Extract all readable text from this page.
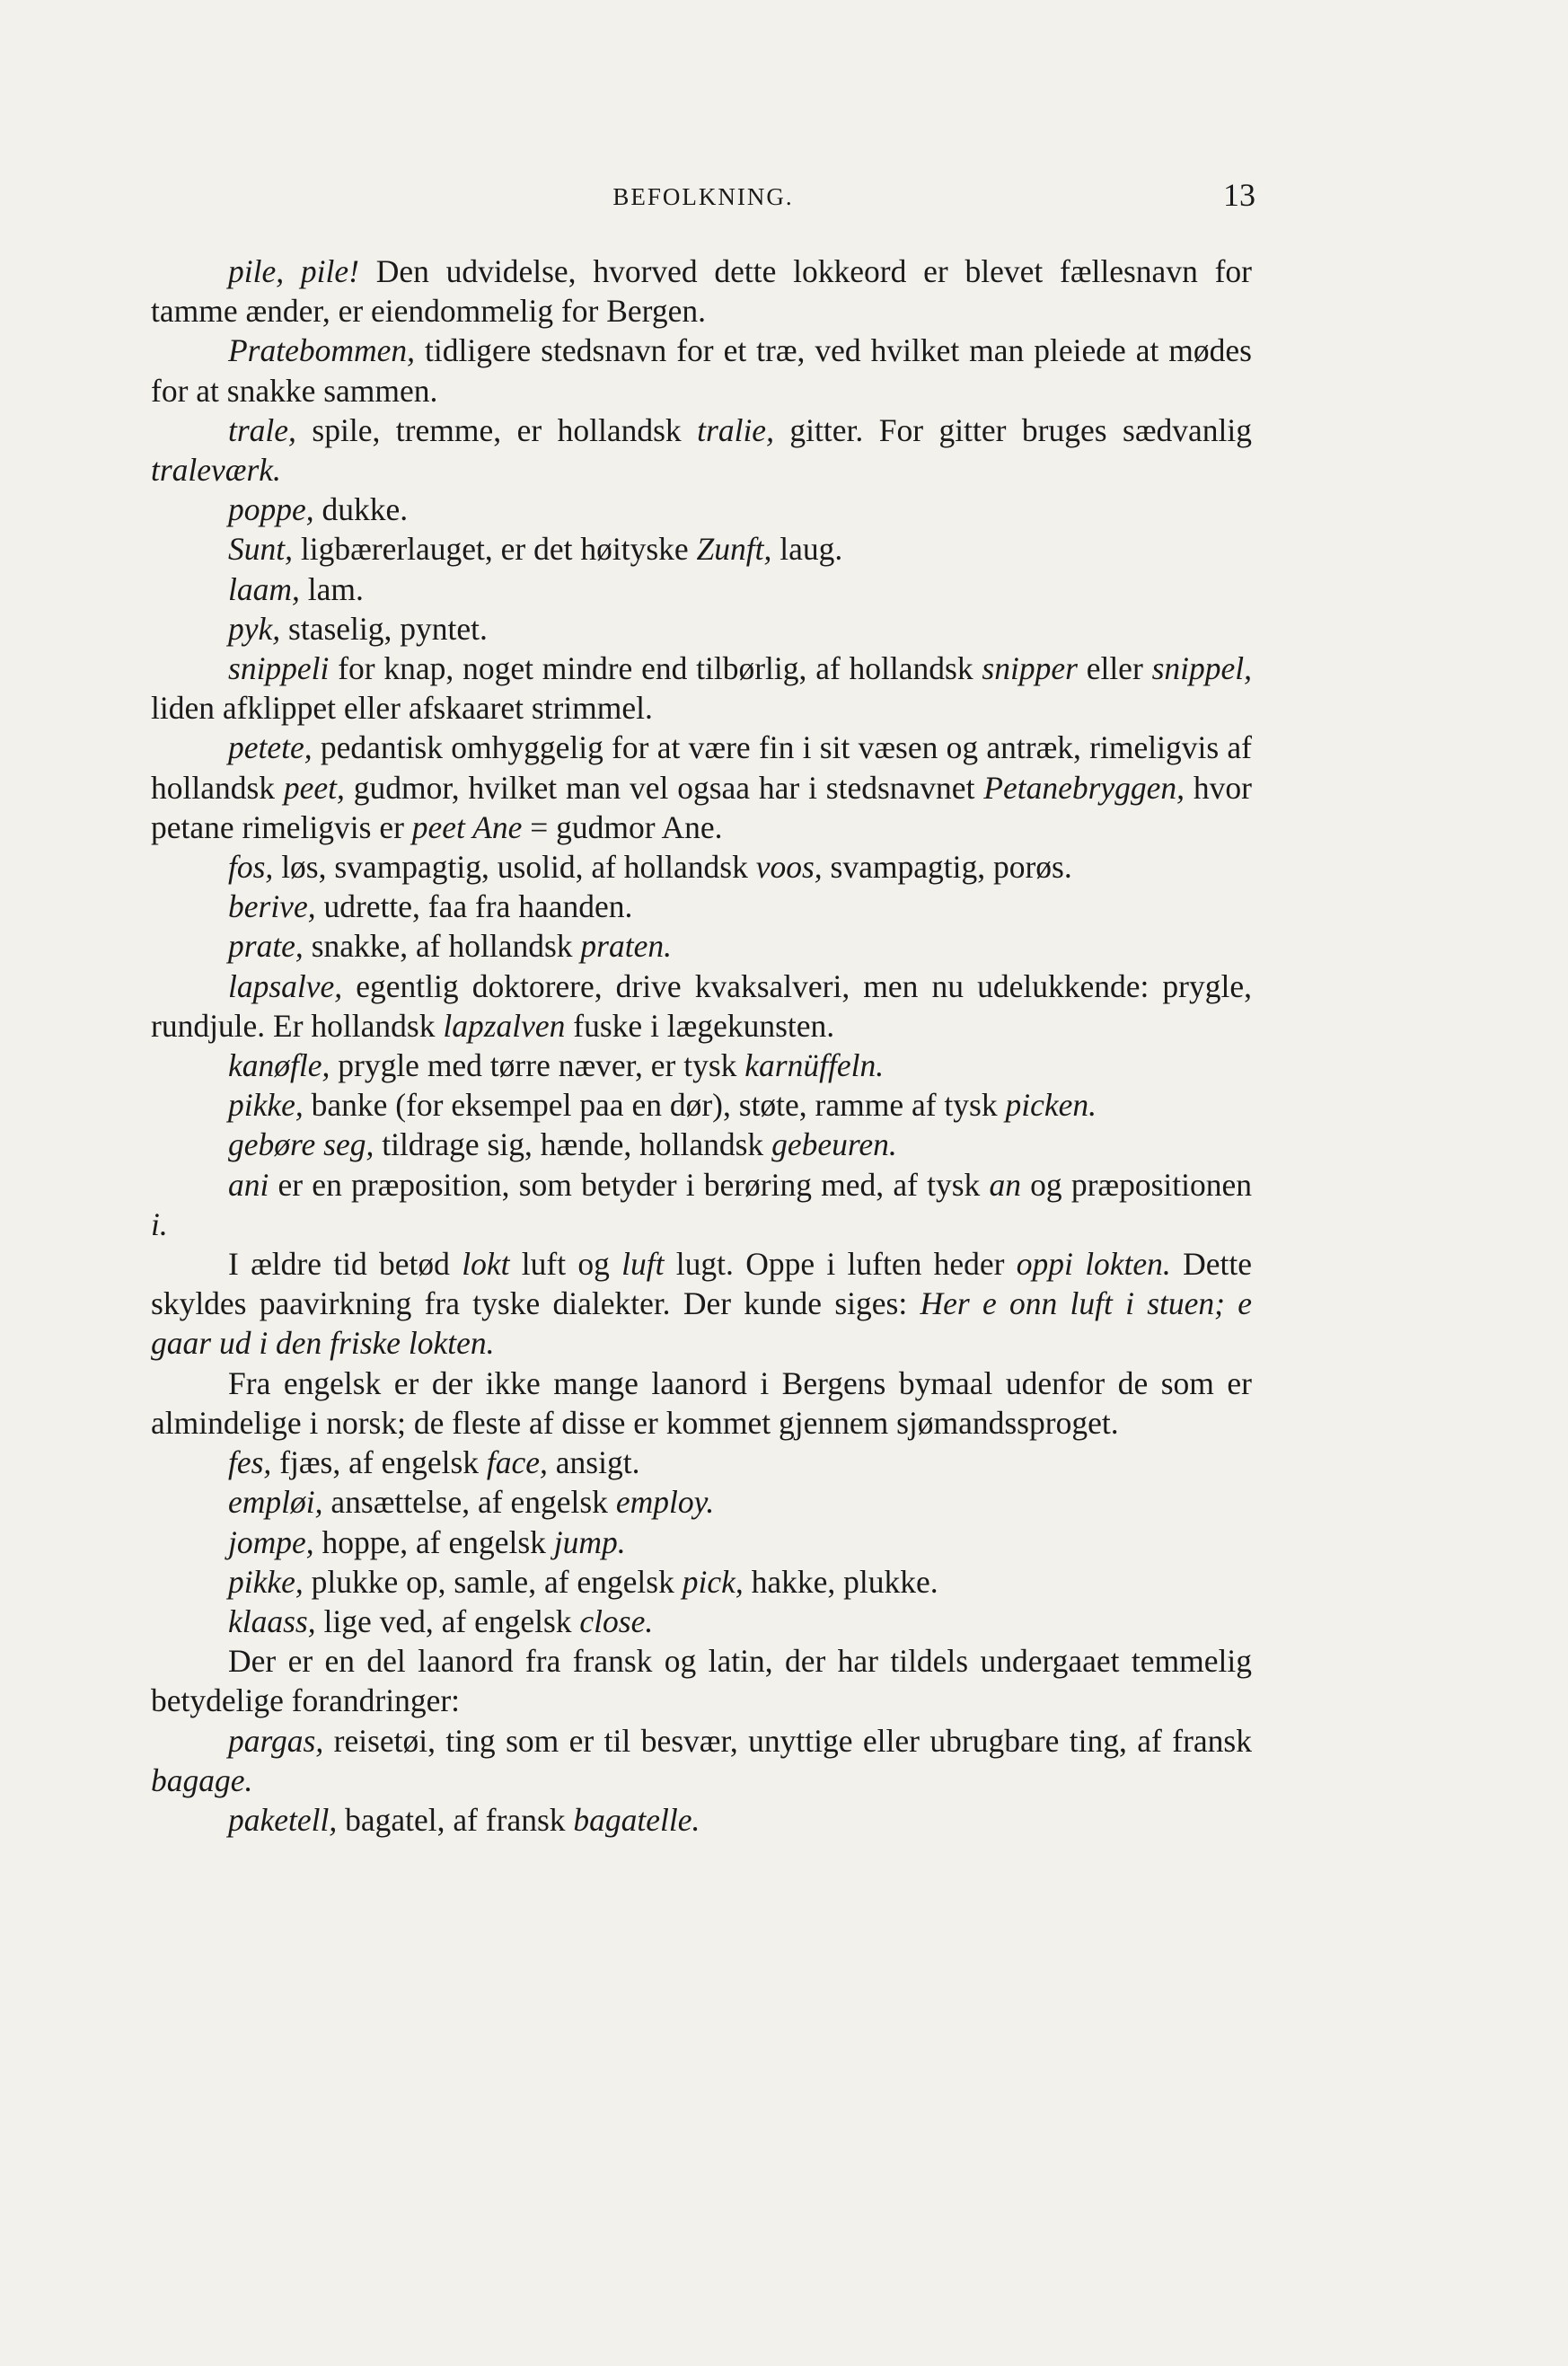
BEFOLKNING.	13

pile, pile! Den udvidelse, hvorved dette lokkeord er blevet fællesnavn for tamme ænder, er eiendommelig for Bergen.

Pratebommen, tidligere stedsnavn for et træ, ved hvilket man pleiede at mødes for at snakke sammen.

trale, spile, tremme, er hollandsk tralie, gitter. For gitter bruges sædvanlig traleværk.

poppe, dukke.

Sunt, ligbærerlauget, er det høityske Zunft, laug.

laam, lam.

pyk, staselig, pyntet.

snippeli for knap, noget mindre end tilbørlig, af hollandsk snipper eller snippel, liden afklippet eller afskaaret strimmel.

petete, pedantisk omhyggelig for at være fin i sit væsen og antræk, rimeligvis af hollandsk peet, gudmor, hvilket man vel ogsaa har i stedsnavnet Petanebryggen, hvor petane rimeligvis er peet Ane = gudmor Ane.

fos, løs, svampagtig, usolid, af hollandsk voos, svampagtig, porøs.

berive, udrette, faa fra haanden.

prate, snakke, af hollandsk praten.

lapsalve, egentlig doktorere, drive kvaksalveri, men nu udelukkende: prygle, rundjule. Er hollandsk lapzalven fuske i lægekunsten.

kanøfle, prygle med tørre næver, er tysk karnüffeln.

pikke, banke (for eksempel paa en dør), støte, ramme af tysk picken.

gebøre seg, tildrage sig, hænde, hollandsk gebeuren.

ani er en præposition, som betyder i berøring med, af tysk an og præpositionen i.

I ældre tid betød lokt luft og luft lugt. Oppe i luften heder oppi lokten. Dette skyldes paavirkning fra tyske dialekter. Der kunde siges: Her e onn luft i stuen; e gaar ud i den friske lokten.

Fra engelsk er der ikke mange laanord i Bergens bymaal udenfor de som er almindelige i norsk; de fleste af disse er kommet gjennem sjømandssproget.

fes, fjæs, af engelsk face, ansigt.

empløi, ansættelse, af engelsk employ.

jompe, hoppe, af engelsk jump.

pikke, plukke op, samle, af engelsk pick, hakke, plukke.

klaass, lige ved, af engelsk close.

Der er en del laanord fra fransk og latin, der har tildels undergaaet temmelig betydelige forandringer:

pargas, reisetøi, ting som er til besvær, unyttige eller ubrugbare ting, af fransk bagage.

paketell, bagatel, af fransk bagatelle.
